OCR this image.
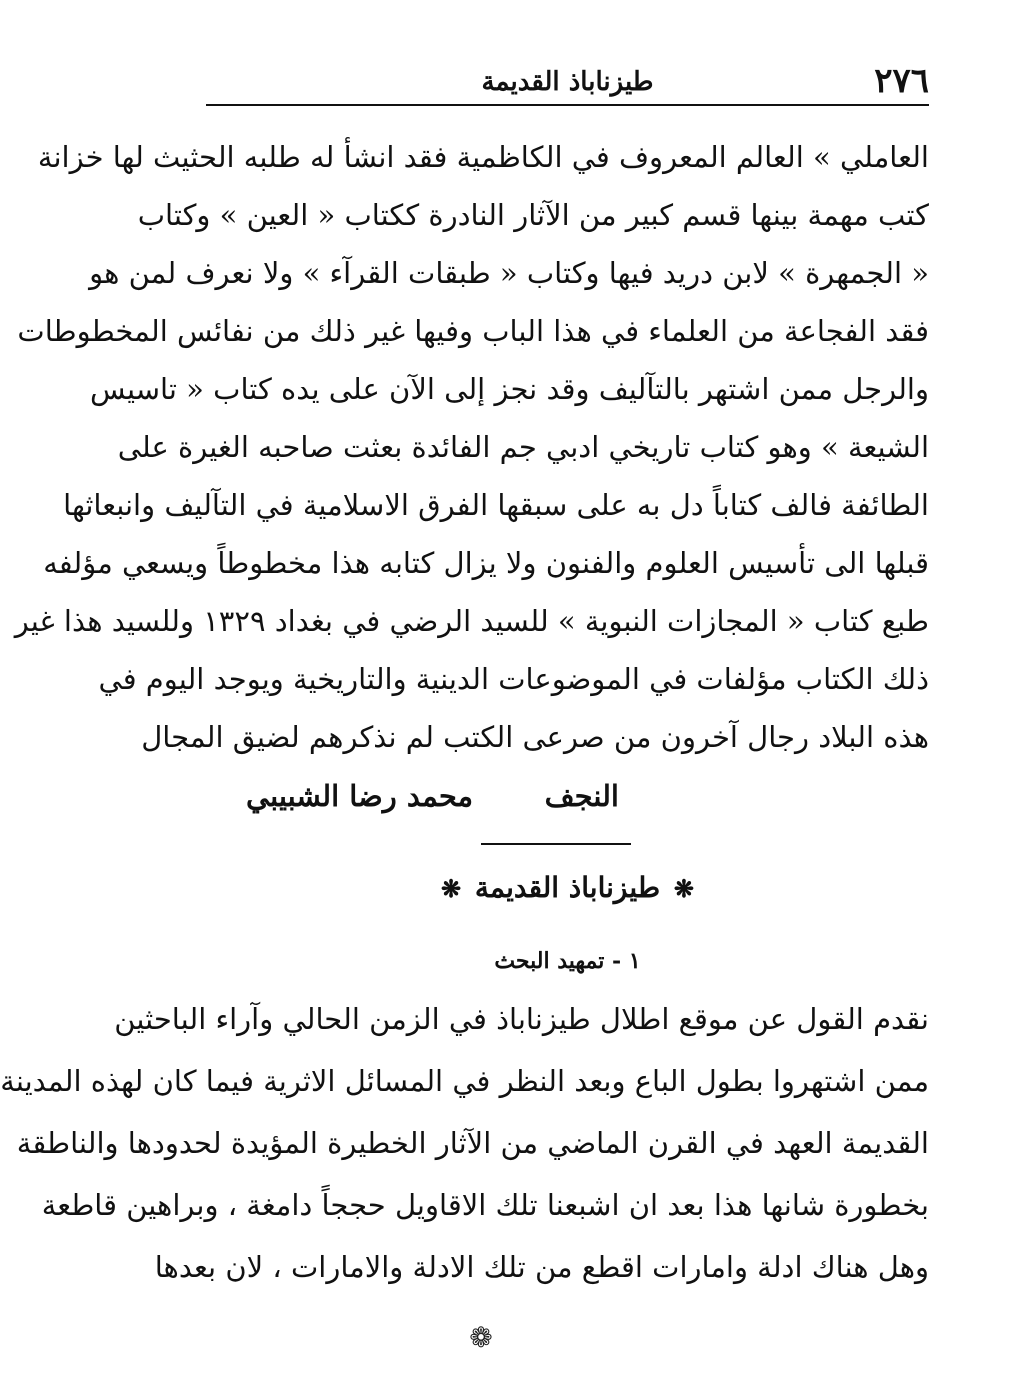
٢٧٦
طيزناباذ القديمة
العاملي » العالم المعروف في الكاظمية فقد انشأ له طلبه الحثيث لها خزانة
كتب مهمة بينها قسم كبير من الآثار النادرة ككتاب « العين » وكتاب
« الجمهرة » لابن دريد فيها وكتاب « طبقات القرآء » ولا نعرف لمن هو
فقد الفجاعة من العلماء في هذا الباب وفيها غير ذلك من نفائس المخطوطات
والرجل ممن اشتهر بالتآليف وقد نجز إلى الآن على يده كتاب « تاسيس
الشيعة » وهو كتاب تاريخي ادبي جم الفائدة بعثت صاحبه الغيرة على
الطائفة فالف كتاباً دل به على سبقها الفرق الاسلامية في التآليف وانبعاثها
قبلها الى تأسيس العلوم والفنون ولا يزال كتابه هذا مخطوطاً ويسعي مؤلفه
طبع كتاب « المجازات النبوية » للسيد الرضي في بغداد ١٣٢٩ وللسيد هذا غير
ذلك الكتاب مؤلفات في الموضوعات الدينية والتاريخية ويوجد اليوم في
هذه البلاد رجال آخرون من صرعى الكتب لم نذكرهم لضيق المجال
النجف
محمد رضا الشبيبي
❋ طيزناباذ القديمة ❋
١ - تمهيد البحث
نقدم القول عن موقع اطلال طيزناباذ في الزمن الحالي وآراء الباحثين
ممن اشتهروا بطول الباع وبعد النظر في المسائل الاثرية فيما كان لهذه المدينة
القديمة العهد في القرن الماضي من الآثار الخطيرة المؤيدة لحدودها والناطقة
بخطورة شانها هذا بعد ان اشبعنا تلك الاقاويل حججاً دامغة ، وبراهين قاطعة
وهل هناك ادلة وامارات اقطع من تلك الادلة والامارات ، لان بعدها
❁
